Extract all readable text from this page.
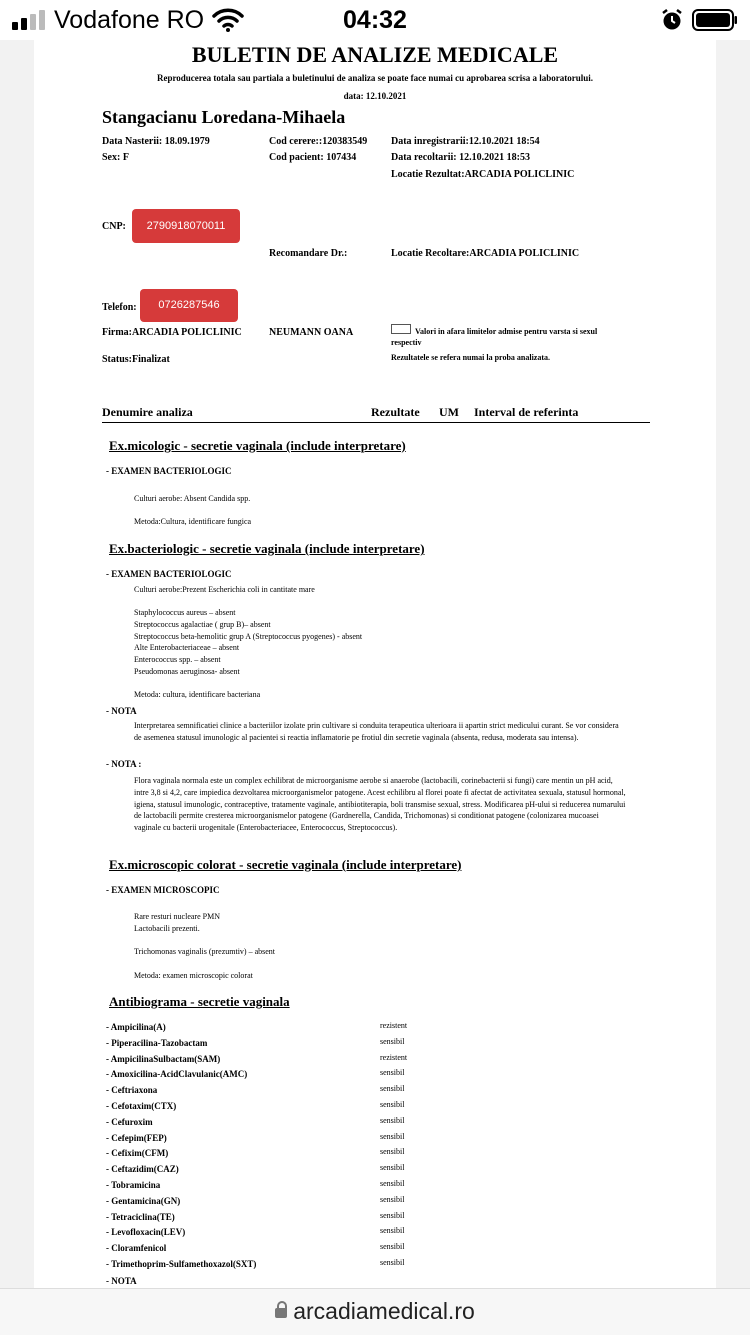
Vodafone RO	04:32
BULETIN DE ANALIZE MEDICALE
Reproducerea totala sau partiala a buletinului de analiza se poate face numai cu aprobarea scrisa a laboratorului.
data: 12.10.2021
Stangacianu Loredana-Mihaela
Data Nasterii: 18.09.1979
Sex: F
Cod cerere::120383549
Cod pacient: 107434
Data inregistrarii:12.10.2021 18:54
Data recoltarii: 12.10.2021 18:53
Locatie Rezultat:ARCADIA POLICLINIC
CNP:	2790918070011
Recomandare Dr.:	Locatie Recoltare:ARCADIA POLICLINIC
Telefon:	0726287546
Firma:ARCADIA POLICLINIC	NEUMANN OANA	Valori in afara limitelor admise pentru varsta si sexul
respectiv
Status:Finalizat	Rezultatele se refera numai la proba analizata.
Denumire analiza	Rezultate UM Interval de referinta
Ex.micologic - secretie vaginala (include interpretare)
- EXAMEN BACTERIOLOGIC
Culturi aerobe: Absent Candida spp.
Metoda:Cultura, identificare fungica
Ex.bacteriologic - secretie vaginala (include interpretare)
- EXAMEN BACTERIOLOGIC
Culturi aerobe:Prezent Escherichia coli in cantitate mare
Staphylococcus aureus – absent
Streptococcus agalactiae ( grup B)– absent
Streptococcus beta-hemolitic grup A (Streptococcus pyogenes) - absent
Alte Enterobacteriaceae – absent
Enterococcus spp. – absent
Pseudomonas aeruginosa- absent
Metoda: cultura, identificare bacteriana
- NOTA
Interpretarea semnificatiei clinice a bacteriilor izolate prin cultivare si conduita terapeutica ulterioara ii apartin strict medicului curant. Se vor considera de asemenea statusul imunologic al pacientei si reactia inflamatorie pe frotiul din secretie vaginala (absenta, redusa, moderata sau intensa).
- NOTA :
Flora vaginala normala este un complex echilibrat de microorganisme aerobe si anaerobe (lactobacili, corinebacterii si fungi) care mentin un pH acid, intre 3,8 si 4,2, care impiedica dezvoltarea microorganismelor patogene. Acest echilibru al florei poate fi afectat de activitatea sexuala, statusul hormonal, igiena, statusul imunologic, contraceptive, tratamente vaginale, antibiotiterapia, boli transmise sexual, stress. Modificarea pH-ului si reducerea numarului de lactobacili permite cresterea microorganismelor patogene (Gardnerella, Candida, Trichomonas) si conditionat patogene (colonizarea mucoasei vaginale cu bacterii urogenitale (Enterobacteriacee, Enterococcus, Streptococcus).
Ex.microscopic colorat - secretie vaginala (include interpretare)
- EXAMEN MICROSCOPIC
Rare resturi nucleare PMN
Lactobacili prezenti.
Trichomonas vaginalis (prezumtiv) – absent
Metoda: examen microscopic colorat
Antibiograma - secretie vaginala
- Ampicilina(A)	rezistent
- Piperacilina-Tazobactam	sensibil
- AmpicilinaSulbactam(SAM)	rezistent
- Amoxicilina-AcidClavulanic(AMC)	sensibil
- Ceftriaxona	sensibil
- Cefotaxim(CTX)	sensibil
- Cefuroxim	sensibil
- Cefepim(FEP)	sensibil
- Cefixim(CFM)	sensibil
- Ceftazidim(CAZ)	sensibil
- Tobramicina	sensibil
- Gentamicina(GN)	sensibil
- Tetraciclina(TE)	sensibil
- Levofloxacin(LEV)	sensibil
- Cloramfenicol	sensibil
- Trimethoprim-Sulfamethoxazol(SXT)	sensibil
- NOTA
arcadiamedical.ro
